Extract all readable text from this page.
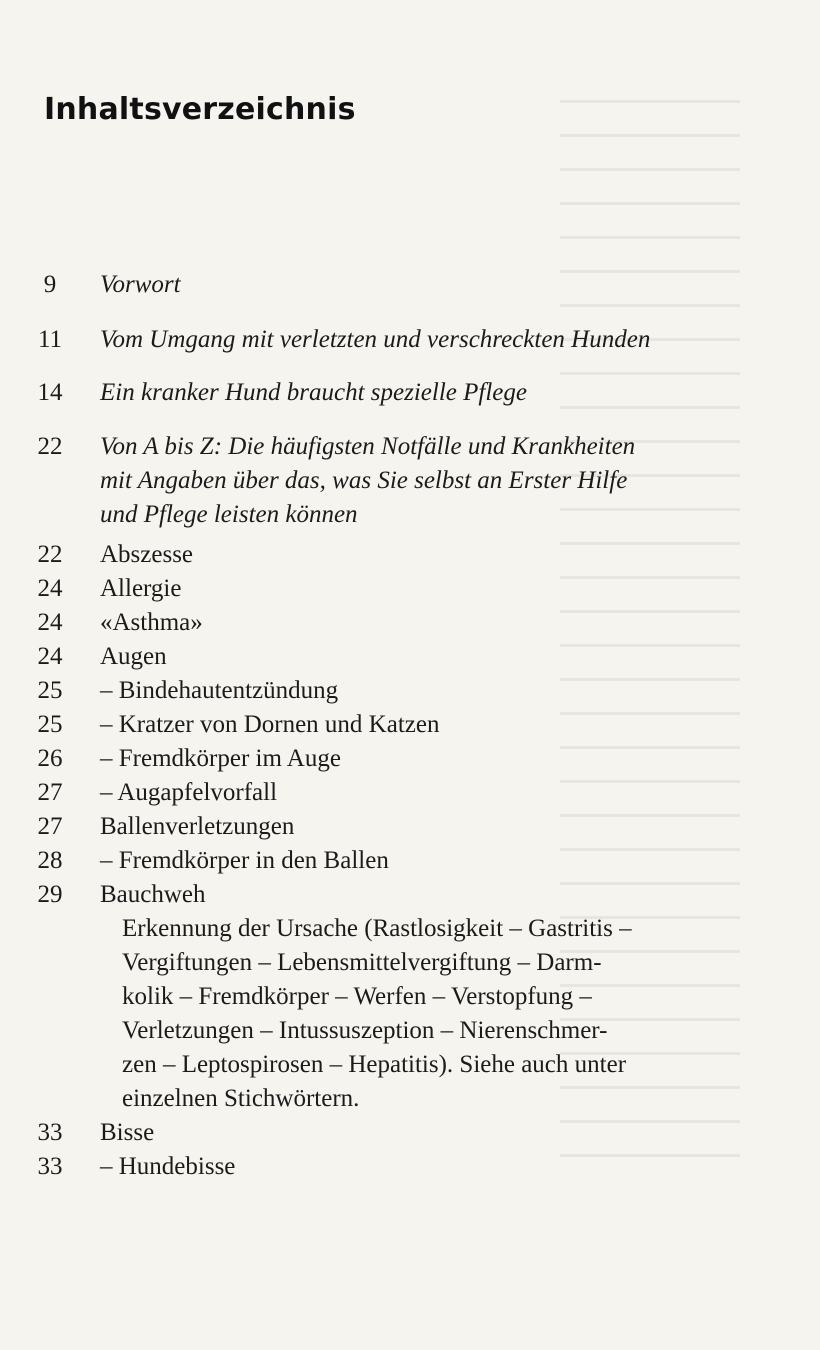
Inhaltsverzeichnis
9	Vorwort
11	Vom Umgang mit verletzten und verschreckten Hunden
14	Ein kranker Hund braucht spezielle Pflege
22	Von A bis Z: Die häufigsten Notfälle und Krankheiten
mit Angaben über das, was Sie selbst an Erster Hilfe
und Pflege leisten können
22	Abszesse
24	Allergie
24	«Asthma»
24	Augen
25	– Bindehautentzündung
25	– Kratzer von Dornen und Katzen
26	– Fremdkörper im Auge
27	– Augapfelvorfall
27	Ballenverletzungen
28	– Fremdkörper in den Ballen
29	Bauchweh
Erkennung der Ursache (Rastlosigkeit – Gastritis –
Vergiftungen – Lebensmittelvergiftung – Darm-
kolik – Fremdkörper – Werfen – Verstopfung –
Verletzungen – Intussuszeption – Nierenschmer-
zen – Leptospirosen – Hepatitis). Siehe auch unter
einzelnen Stichwörtern.
33	Bisse
33	– Hundebisse
